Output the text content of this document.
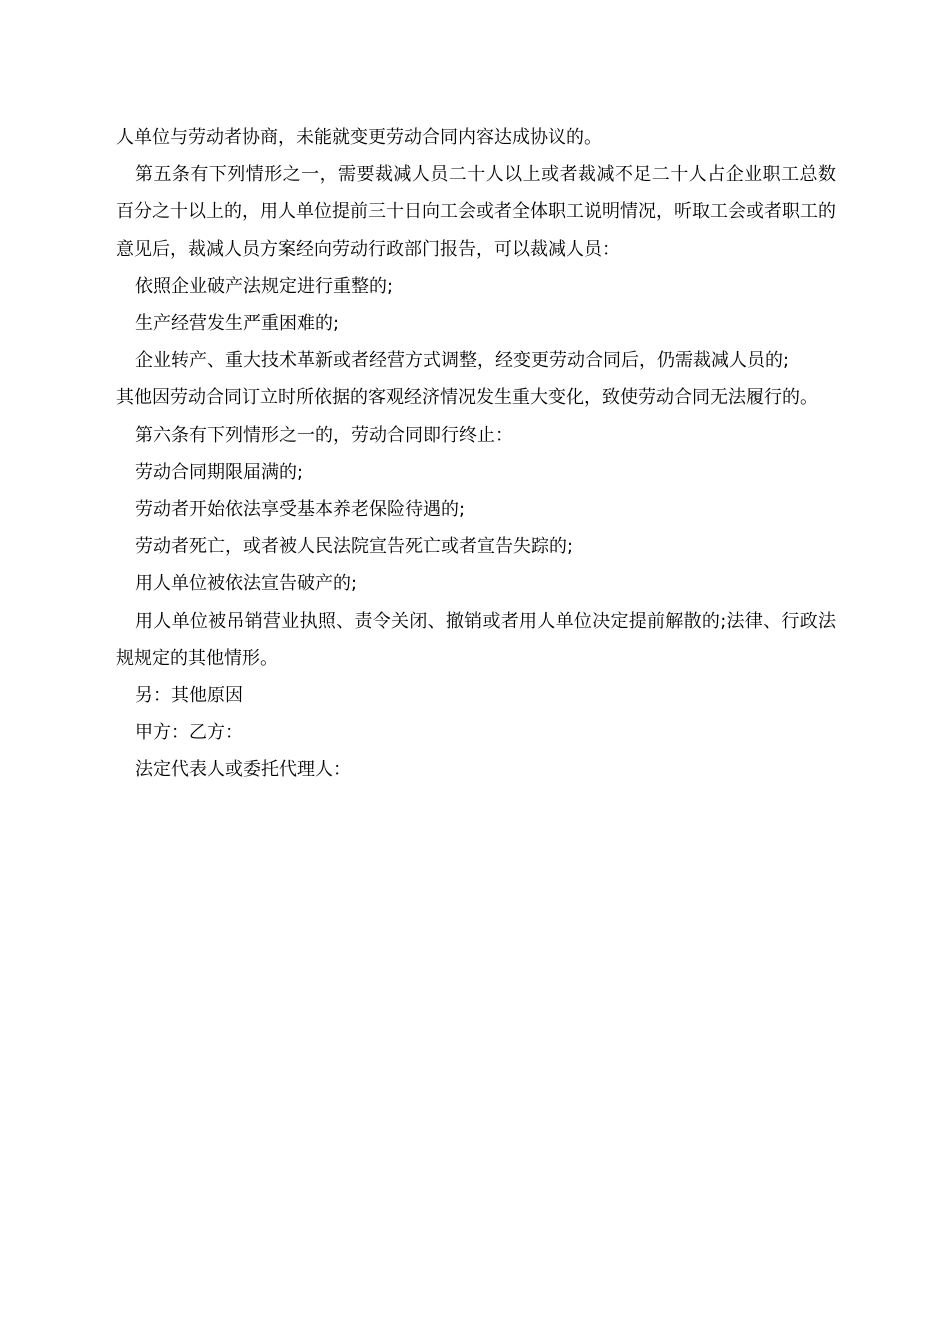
人单位与劳动者协商，未能就变更劳动合同内容达成协议的。

第五条有下列情形之一，需要裁减人员二十人以上或者裁减不足二十人占企业职工总数百分之十以上的，用人单位提前三十日向工会或者全体职工说明情况，听取工会或者职工的意见后，裁减人员方案经向劳动行政部门报告，可以裁减人员：

依照企业破产法规定进行重整的;

生产经营发生严重困难的;

企业转产、重大技术革新或者经营方式调整，经变更劳动合同后，仍需裁减人员的;

其他因劳动合同订立时所依据的客观经济情况发生重大变化，致使劳动合同无法履行的。

第六条有下列情形之一的，劳动合同即行终止：

劳动合同期限届满的;

劳动者开始依法享受基本养老保险待遇的;

劳动者死亡，或者被人民法院宣告死亡或者宣告失踪的;

用人单位被依法宣告破产的;

用人单位被吊销营业执照、责令关闭、撤销或者用人单位决定提前解散的;法律、行政法规规定的其他情形。

另：其他原因

甲方：乙方：

法定代表人或委托代理人：
